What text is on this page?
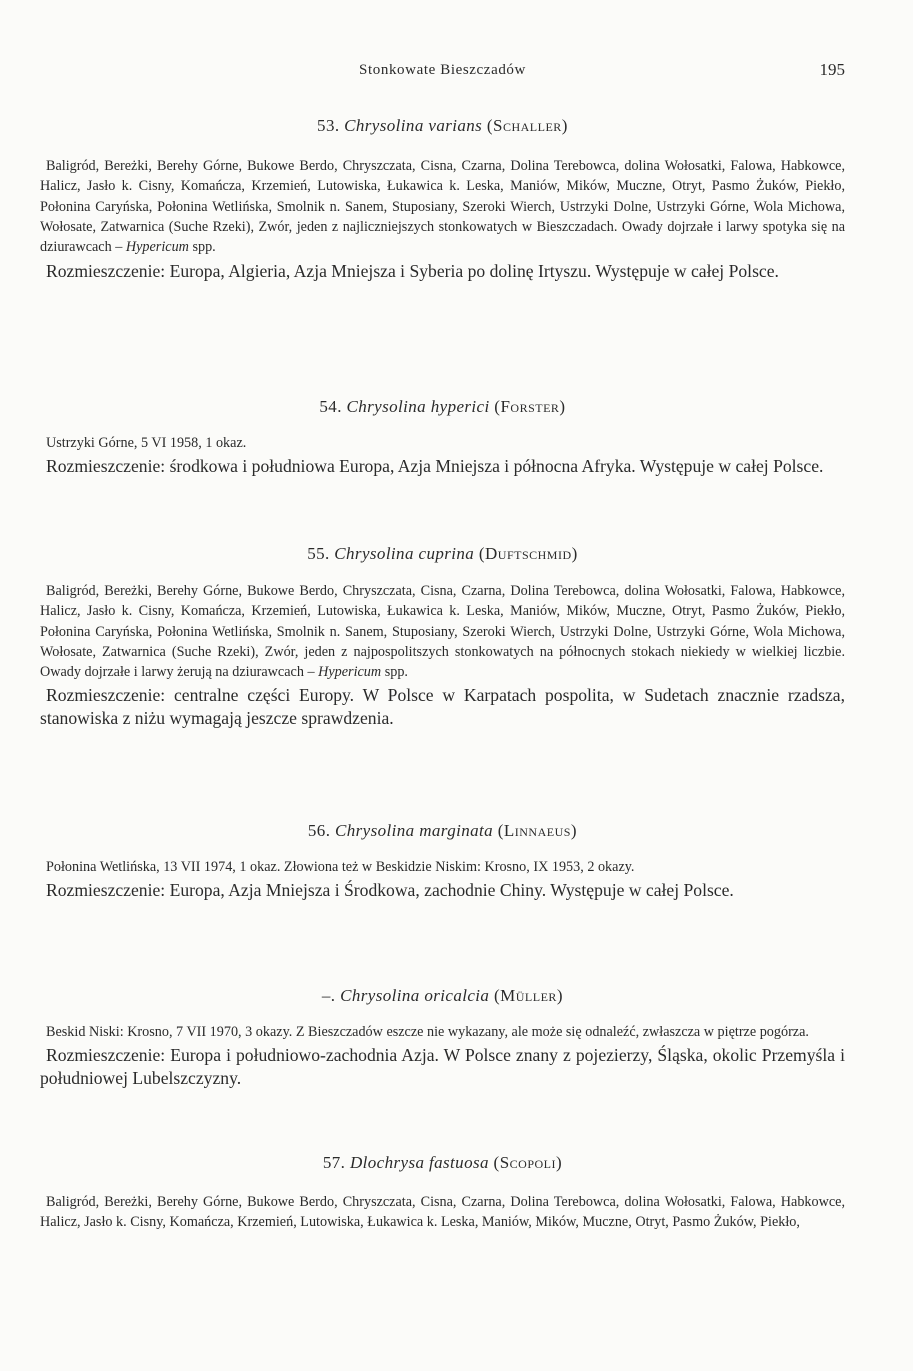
Stonkowate Bieszczadów	195
53. Chrysolina varians (Schaller)

Baligród, Bereżki, Berehy Górne, Bukowe Berdo, Chryszczata, Cisna, Czarna, Dolina Terebowca, dolina Wołosatki, Falowa, Habkowce, Halicz, Jasło k. Cisny, Komańcza, Krzemień, Lutowiska, Łukawica k. Leska, Maniów, Mików, Muczne, Otryt, Pasmo Żuków, Piekło, Połonina Caryńska, Połonina Wetlińska, Smolnik n. Sanem, Stuposiany, Szeroki Wierch, Ustrzyki Dolne, Ustrzyki Górne, Wola Michowa, Wołosate, Zatwarnica (Suche Rzeki), Zwór, jeden z najliczniejszych stonkowatych w Bieszczadach. Owady dojrzałe i larwy spotyka się na dziurawcach – Hypericum spp.

Rozmieszczenie: Europa, Algieria, Azja Mniejsza i Syberia po dolinę Irtyszu. Występuje w całej Polsce.

54. Chrysolina hyperici (Forster)

Ustrzyki Górne, 5 VI 1958, 1 okaz.

Rozmieszczenie: środkowa i południowa Europa, Azja Mniejsza i północna Afryka. Występuje w całej Polsce.

55. Chrysolina cuprina (Duftschmid)

Baligród, Bereżki, Berehy Górne, Bukowe Berdo, Chryszczata, Cisna, Czarna, Dolina Terebowca, dolina Wołosatki, Falowa, Habkowce, Halicz, Jasło k. Cisny, Komańcza, Krzemień, Lutowiska, Łukawica k. Leska, Maniów, Mików, Muczne, Otryt, Pasmo Żuków, Piekło, Połonina Caryńska, Połonina Wetlińska, Smolnik n. Sanem, Stuposiany, Szeroki Wierch, Ustrzyki Dolne, Ustrzyki Górne, Wola Michowa, Wołosate, Zatwarnica (Suche Rzeki), Zwór, jeden z najpospolitszych stonkowatych na północnych stokach niekiedy w wielkiej liczbie. Owady dojrzałe i larwy żerują na dziurawcach – Hypericum spp.

Rozmieszczenie: centralne części Europy. W Polsce w Karpatach pospolita, w Sudetach znacznie rzadsza, stanowiska z niżu wymagają jeszcze sprawdzenia.

56. Chrysolina marginata (Linnaeus)

Połonina Wetlińska, 13 VII 1974, 1 okaz. Złowiona też w Beskidzie Niskim: Krosno, IX 1953, 2 okazy.

Rozmieszczenie: Europa, Azja Mniejsza i Środkowa, zachodnie Chiny. Występuje w całej Polsce.

–. Chrysolina oricalcia (Müller)

Beskid Niski: Krosno, 7 VII 1970, 3 okazy. Z Bieszczadów eszcze nie wykazany, ale może się odnaleźć, zwłaszcza w piętrze pogórza.

Rozmieszczenie: Europa i południowo-zachodnia Azja. W Polsce znany z pojezierzy, Śląska, okolic Przemyśla i południowej Lubelszczyzny.

57. Dlochrysa fastuosa (Scopoli)

Baligród, Bereżki, Berehy Górne, Bukowe Berdo, Chryszczata, Cisna, Czarna, Dolina Terebowca, dolina Wołosatki, Falowa, Habkowce, Halicz, Jasło k. Cisny, Komańcza, Krzemień, Lutowiska, Łukawica k. Leska, Maniów, Mików, Muczne, Otryt, Pasmo Żuków, Piekło,
